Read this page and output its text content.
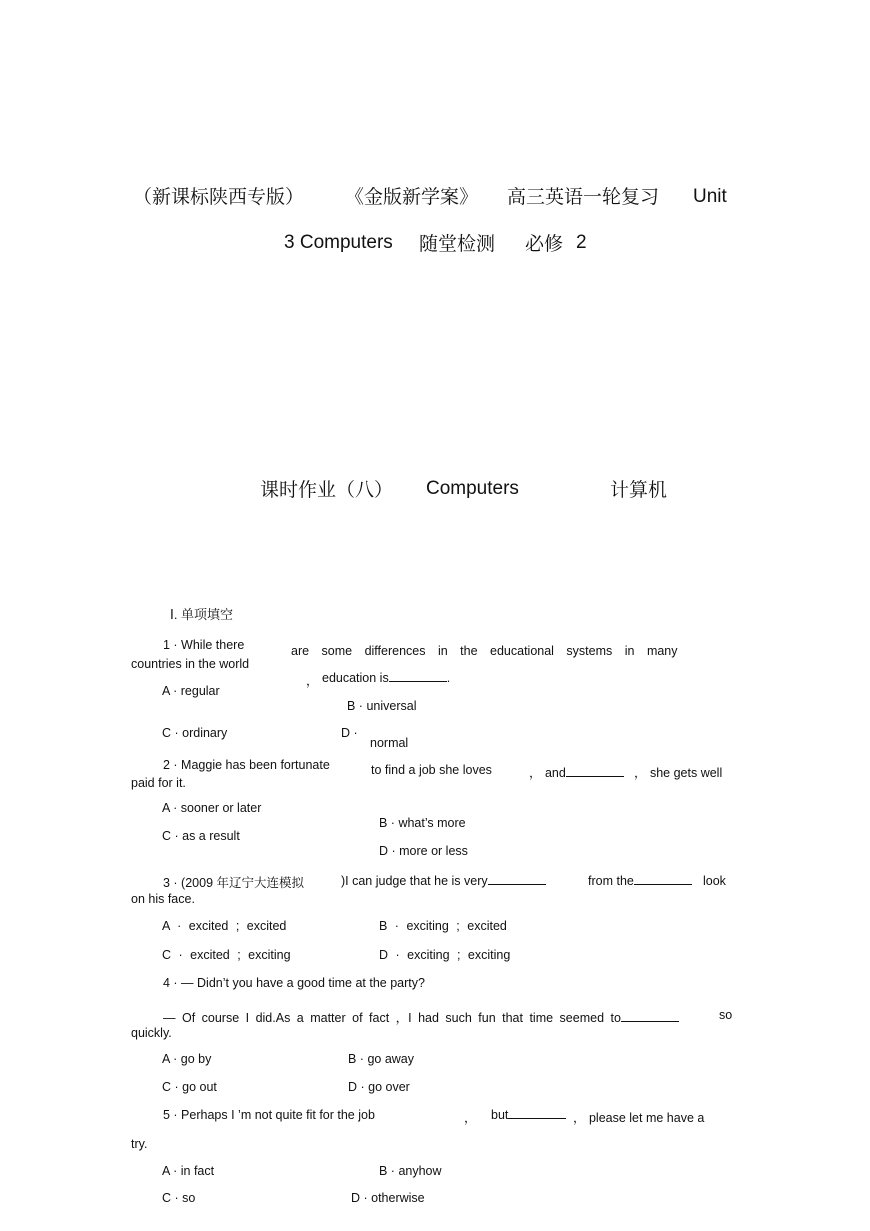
（新课标陕西专版） 《金版新学案》 高三英语一轮复习 Unit
3 Computers 随堂检测 必修 2
课时作业（八） Computers	计算机
Ⅰ. 单项填空
1 · While there	are some differences in the educational systems in many
countries in the world
， education is	.
A · regular
B · universal
C · ordinary	D ·
normal
2 · Maggie has been fortunate	to find a job she loves	， and	， she gets well
paid for it.
A · sooner or later
B · what’s more
C · as a result
D · more or less
3 · (2009 年辽宁大连模拟	)I can judge that he is very	from the	look
on his face.
A · excited ; excited	B · exciting ; excited
C · excited ; exciting	D · exciting ; exciting
4 · — Didn’t you have a good time at the party?
— Of course I did.As a matter of fact ，I had such fun that time seemed to	so
quickly.
A · go by	B · go away
C · go out	D · go over
5 · Perhaps I ’m not quite fit for the job	， but	， please let me have a
try.
A · in fact	B · anyhow
C · so	D · otherwise
